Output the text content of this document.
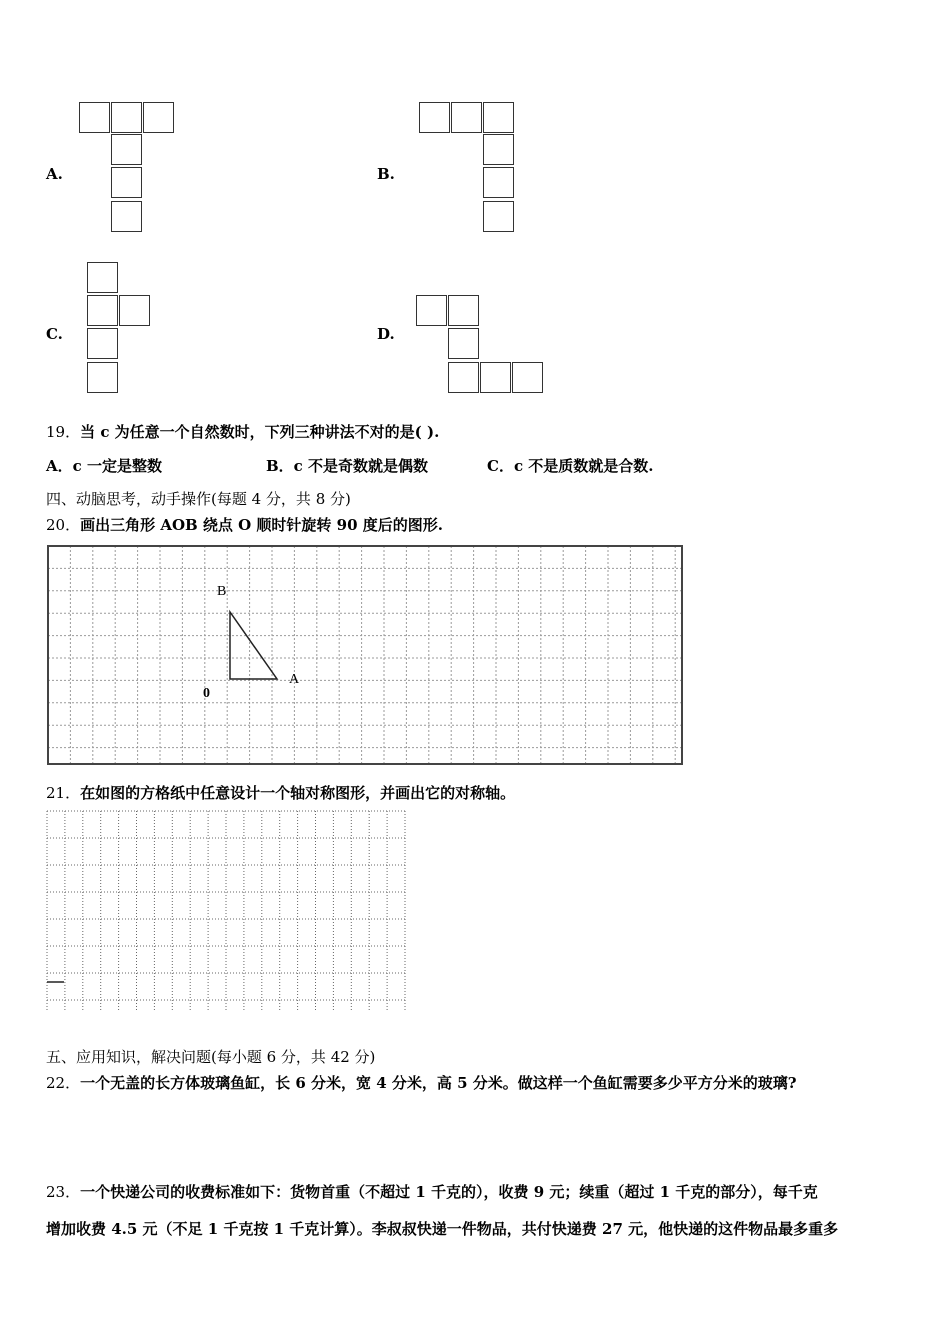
A.	B.
C.	D.
19．当 c 为任意一个自然数时，下列三种讲法不对的是( ).
A．c 一定是整数	B．c 不是奇数就是偶数	C．c 不是质数就是合数.
四、动脑思考，动手操作(每题 4 分，共 8 分)
20．画出三角形 AOB 绕点 O 顺时针旋转 90 度后的图形.
B
A
0
21．在如图的方格纸中任意设计一个轴对称图形，并画出它的对称轴。
五、应用知识，解决问题(每小题 6 分，共 42 分)
22．一个无盖的长方体玻璃鱼缸，长 6 分米，宽 4 分米，高 5 分米。做这样一个鱼缸需要多少平方分米的玻璃?
23．一个快递公司的收费标准如下：货物首重（不超过 1 千克的），收费 9 元；续重（超过 1 千克的部分），每千克
增加收费 4.5 元（不足 1 千克按 1 千克计算）。李叔叔快递一件物品，共付快递费 27 元，他快递的这件物品最多重多
